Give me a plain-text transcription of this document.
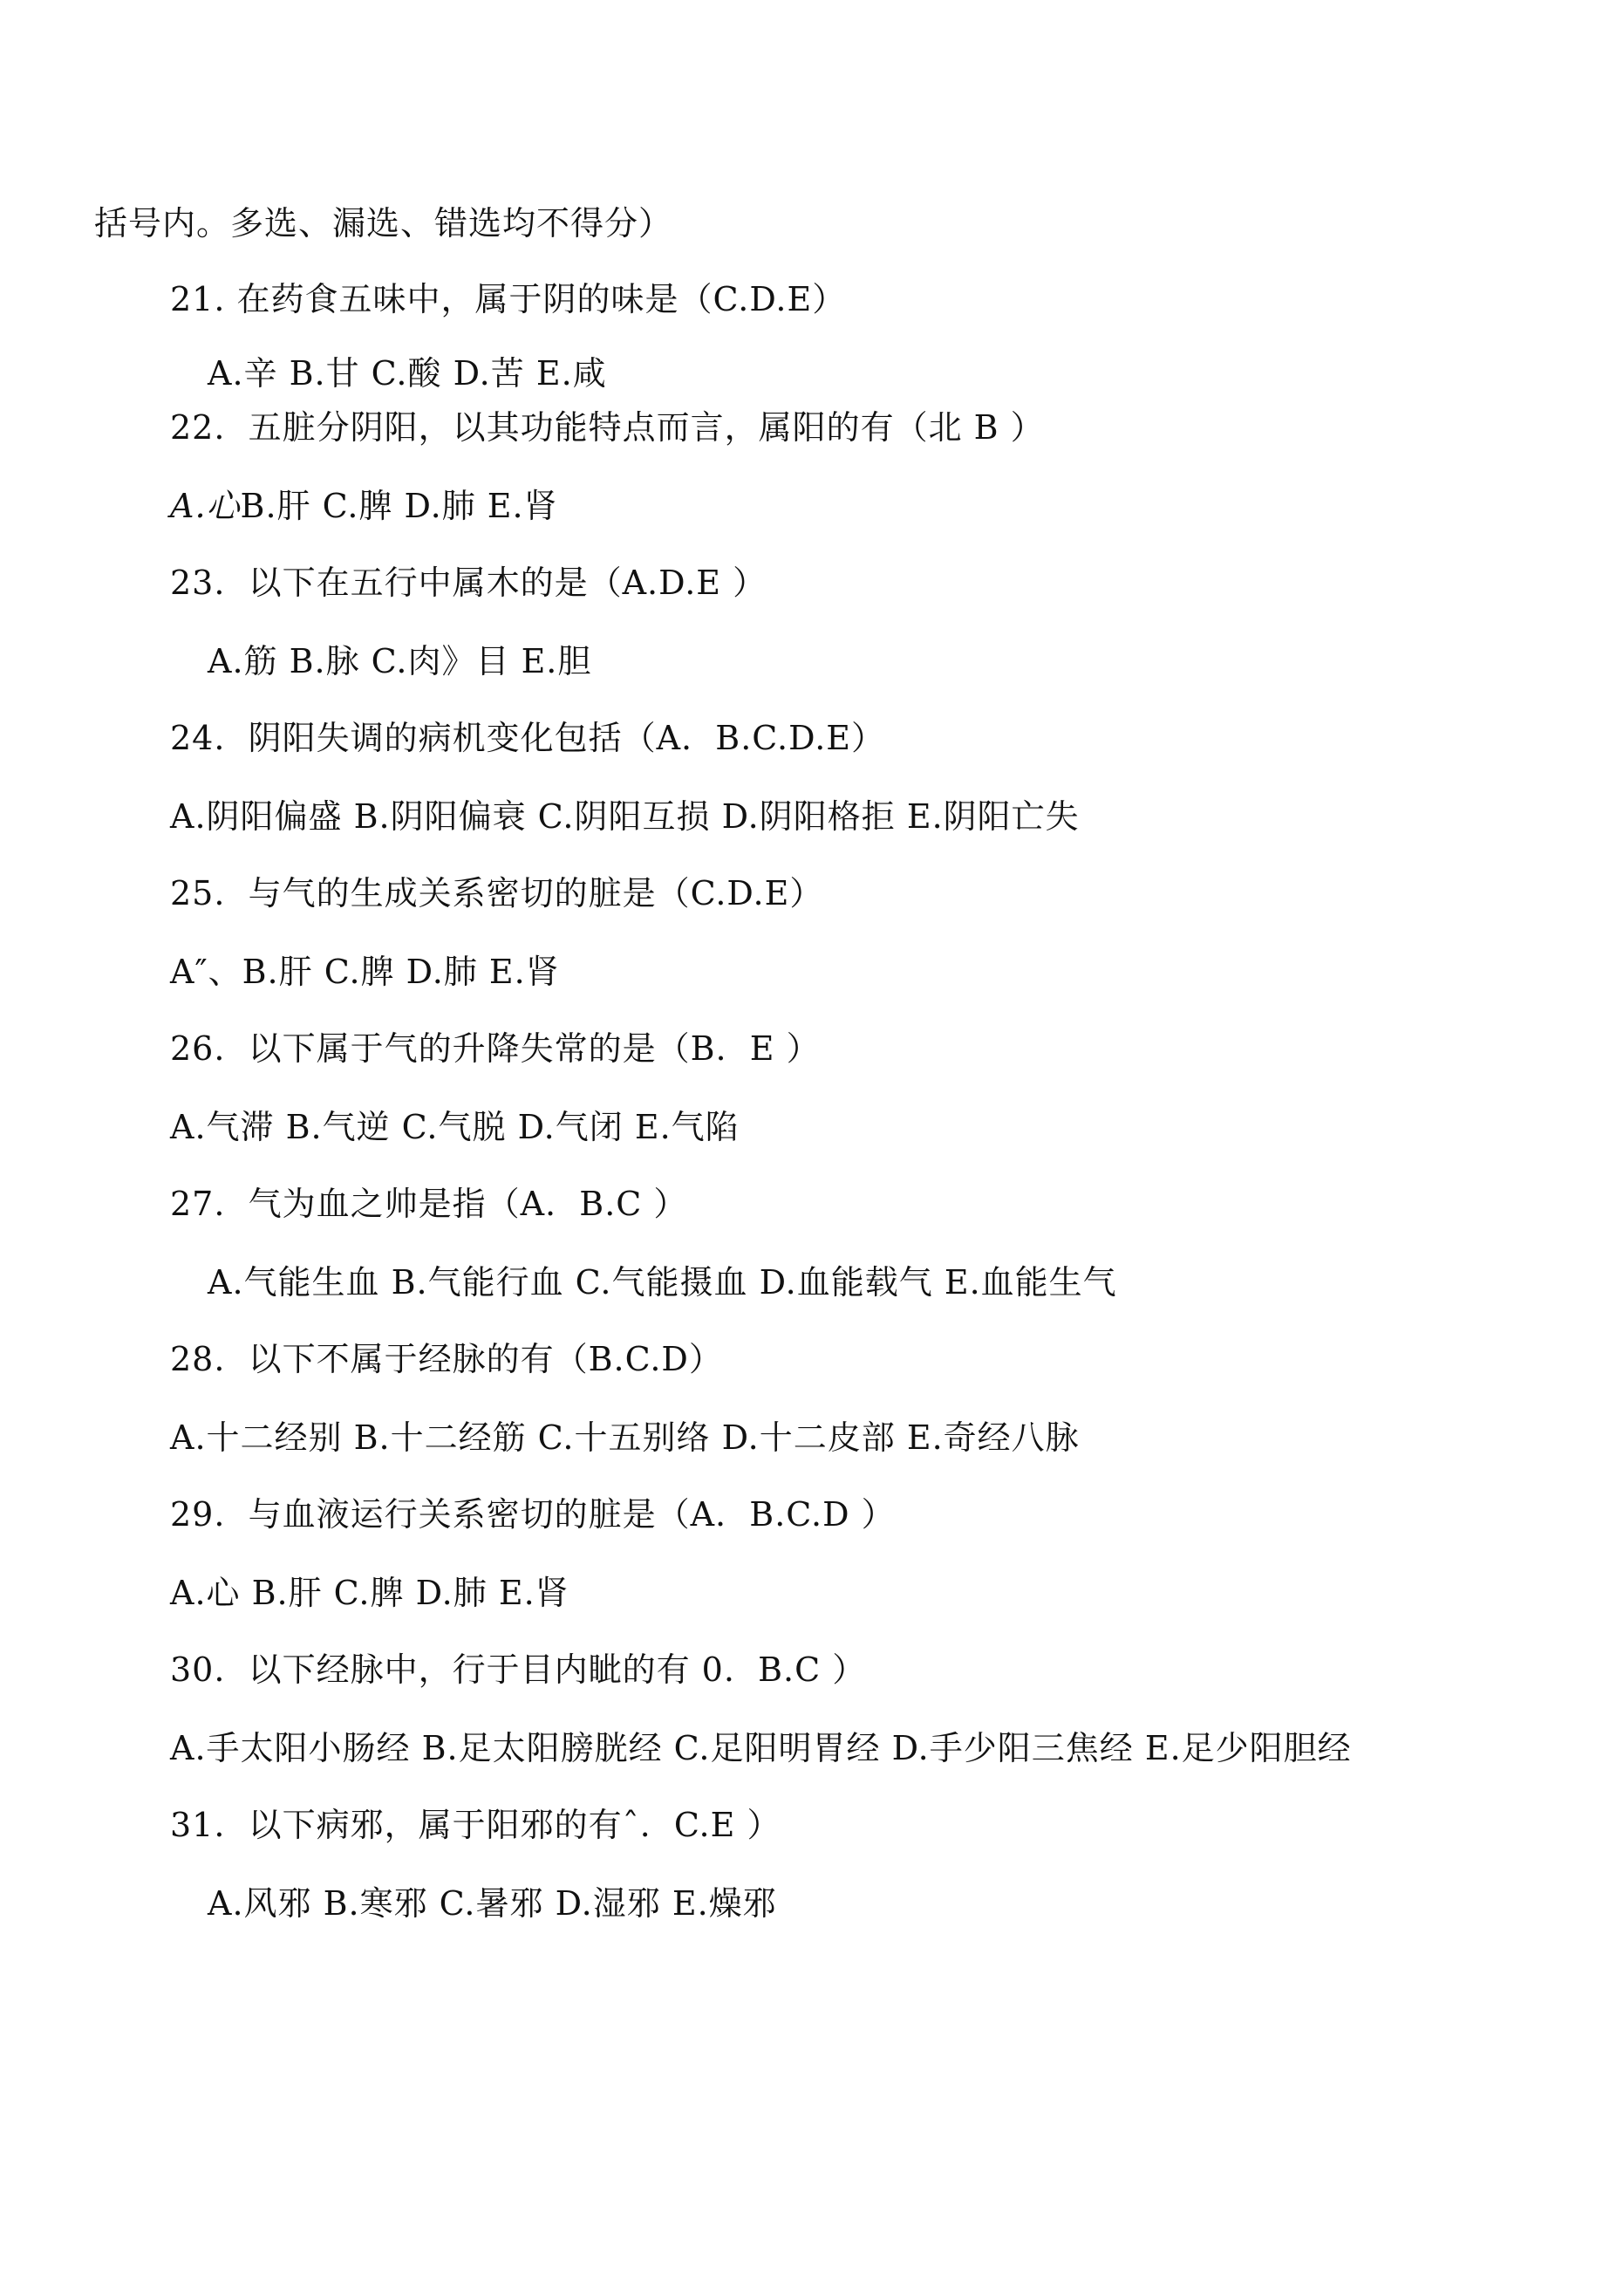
括号内。多选、漏选、错选均不得分）
21. 在药食五味中，属于阴的味是（C.D.E）
A.辛 B.甘 C.酸 D.苦 E.咸
22.  五脏分阴阳，以其功能特点而言，属阳的有（北 B ）
A.心B.肝 C.脾 D.肺 E.肾
23.  以下在五行中属木的是（A.D.E ）
A.筋 B.脉 C.肉》目 E.胆
24.  阴阳失调的病机变化包括（A.  B.C.D.E）
A.阴阳偏盛 B.阴阳偏衰 C.阴阳互损 D.阴阳格拒 E.阴阳亡失
25.  与气的生成关系密切的脏是（C.D.E）
A″、B.肝 C.脾 D.肺 E.肾
26.  以下属于气的升降失常的是（B.  E ）
A.气滞 B.气逆 C.气脱 D.气闭 E.气陷
27.  气为血之帅是指（A.  B.C ）
A.气能生血 B.气能行血 C.气能摄血 D.血能载气 E.血能生气
28.  以下不属于经脉的有（B.C.D）
A.十二经别 B.十二经筋 C.十五别络 D.十二皮部 E.奇经八脉
29.  与血液运行关系密切的脏是（A.  B.C.D ）
A.心 B.肝 C.脾 D.肺 E.肾
30.  以下经脉中，行于目内眦的有 0.  B.C ）
A.手太阳小肠经 B.足太阳膀胱经 C.足阳明胃经 D.手少阳三焦经 E.足少阳胆经
31.  以下病邪，属于阳邪的有ˆ.  C.E ）
A.风邪 B.寒邪 C.暑邪 D.湿邪 E.燥邪
